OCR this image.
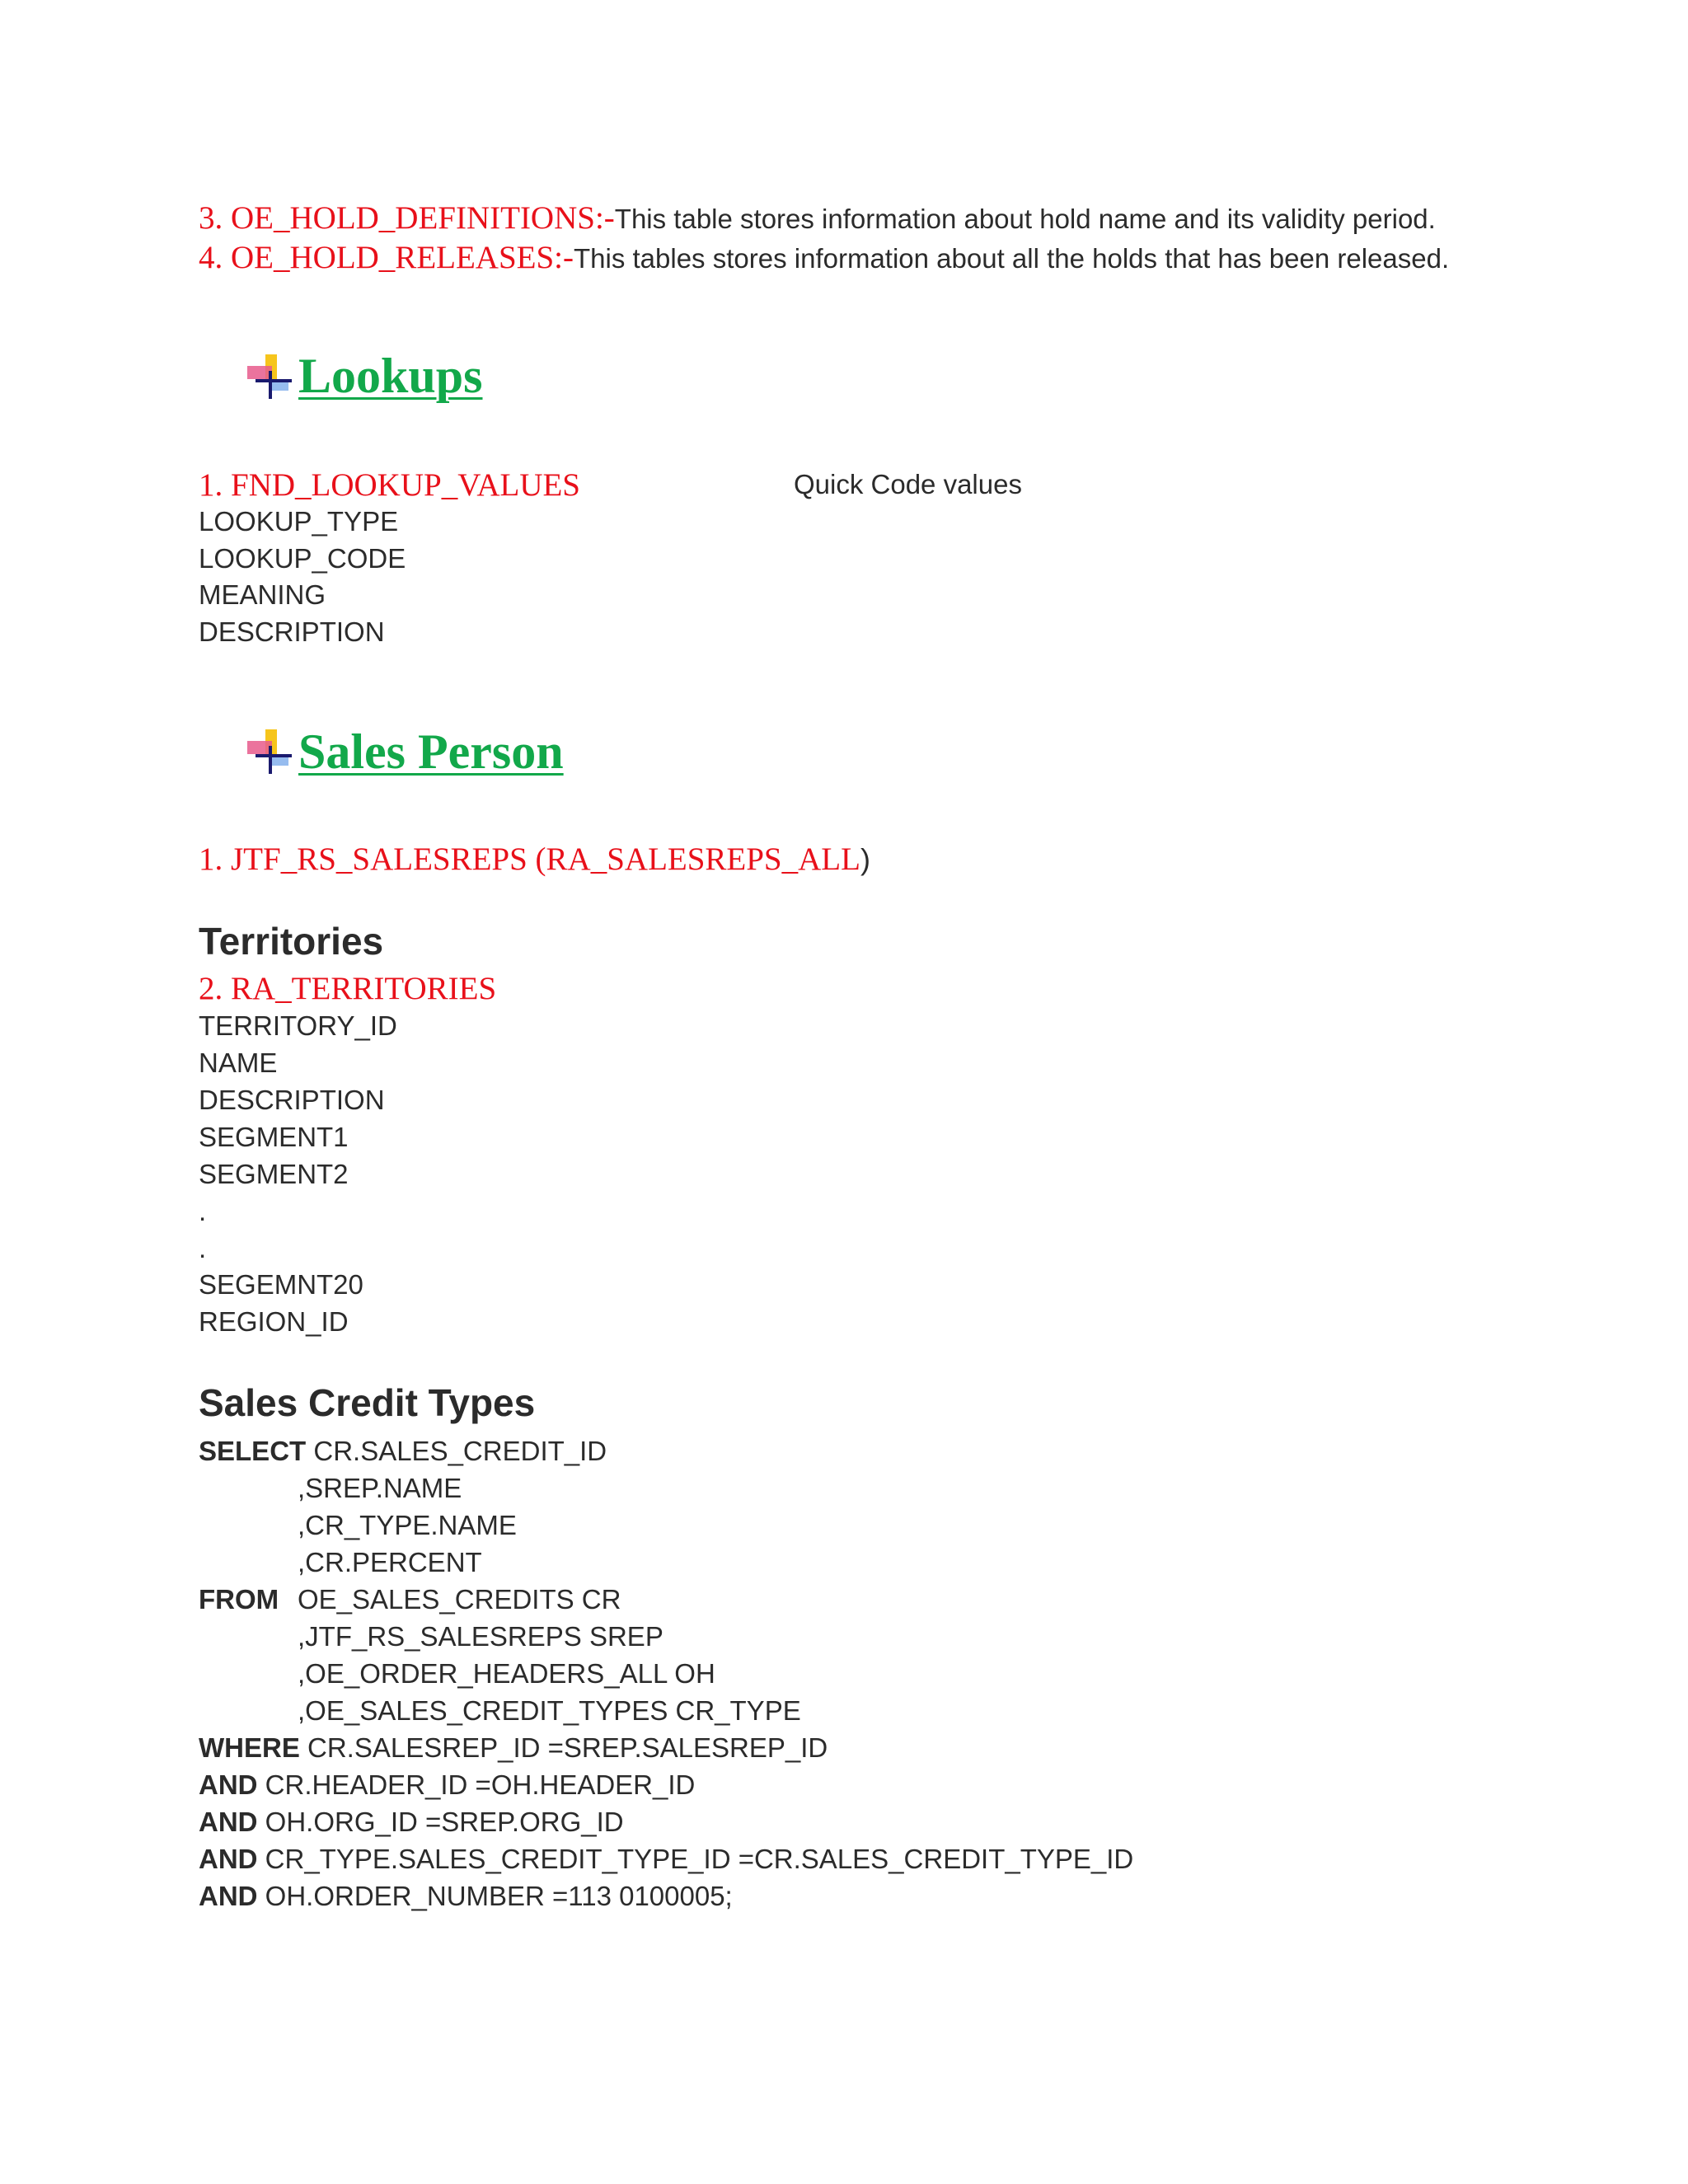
3. OE_HOLD_DEFINITIONS:-This table stores information about hold name and its validity period.
4. OE_HOLD_RELEASES:-This tables stores information about all the holds that has been released.
Lookups
1. FND_LOOKUP_VALUES	Quick Code values
LOOKUP_TYPE
LOOKUP_CODE
MEANING
DESCRIPTION
Sales Person
1. JTF_RS_SALESREPS (RA_SALESREPS_ALL)
Territories
2. RA_TERRITORIES
TERRITORY_ID
NAME
DESCRIPTION
SEGMENT1
SEGMENT2
.
.
SEGEMNT20
REGION_ID
Sales Credit Types
SELECT CR.SALES_CREDIT_ID
,SREP.NAME
,CR_TYPE.NAME
,CR.PERCENT
FROM OE_SALES_CREDITS CR
,JTF_RS_SALESREPS SREP
,OE_ORDER_HEADERS_ALL OH
,OE_SALES_CREDIT_TYPES CR_TYPE
WHERE CR.SALESREP_ID =SREP.SALESREP_ID
AND CR.HEADER_ID =OH.HEADER_ID
AND OH.ORG_ID =SREP.ORG_ID
AND CR_TYPE.SALES_CREDIT_TYPE_ID =CR.SALES_CREDIT_TYPE_ID
AND OH.ORDER_NUMBER =113 0100005;
